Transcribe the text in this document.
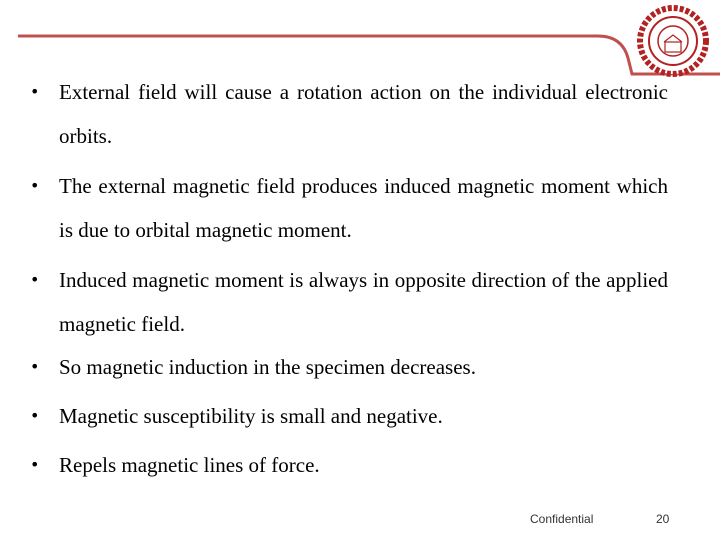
• External field will cause a rotation action on the individual electronic orbits.
• The external magnetic field produces induced magnetic moment which is due to orbital magnetic moment.
• Induced magnetic moment is always in opposite direction of the applied magnetic field.
• So magnetic induction in the specimen decreases.
• Magnetic susceptibility is small and negative.
• Repels magnetic lines of force.
Confidential	20
